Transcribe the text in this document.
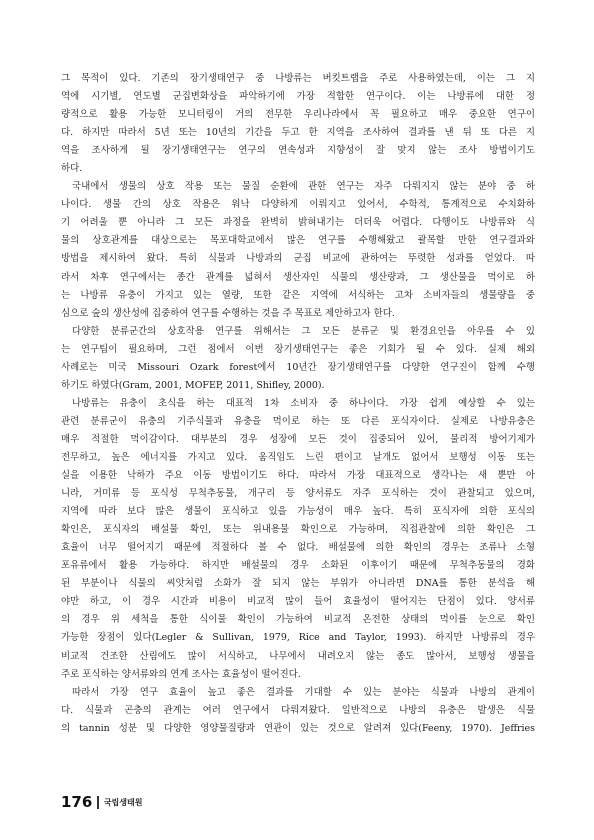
그 목적이 있다. 기존의 장기생태연구 중 나방류는 버킷트랩을 주로 사용하였는데, 이는 그 지

역에 시기별, 연도별 군집변화상을 파악하기에 가장 적합한 연구이다. 이는 나방류에 대한 정

량적으로 활용 가능한 모니터링이 거의 전무한 우리나라에서 꼭 필요하고 매우 중요한 연구이

다. 하지만 따라서 5년 또는 10년의 기간을 두고 한 지역을 조사하여 결과를 낸 뒤 또 다른 지

역을 조사하게 될 장기생태연구는 연구의 연속성과 지향성이 잘 맞지 않는 조사 방법이기도

하다.

국내에서 생물의 상호 작용 또는 물질 순환에 관한 연구는 자주 다뤄지지 않는 분야 중 하

나이다. 생물 간의 상호 작용은 워낙 다양하게 이뤄지고 있어서, 수학적, 통계적으로 수치화하

기 어려울 뿐 아니라 그 모든 과정을 완벽히 밝혀내기는 더더욱 어렵다. 다행이도 나방류와 식

물의 상호관계를 대상으로는 목포대학교에서 많은 연구를 수행해왔고 괄목할 만한 연구결과와

방법을 제시하여 왔다. 특히 식물과 나방과의 군집 비교에 관하여는 뚜렷한 성과를 얻었다. 따

라서 차후 연구에서는 종간 관계를 넓혀서 생산자인 식물의 생산량과, 그 생산물을 먹이로 하

는 나방류 유충이 가지고 있는 열량, 또한 같은 지역에 서식하는 고차 소비자들의 생물량을 중

심으로 숲의 생산성에 집중하여 연구를 수행하는 것을 주 목표로 제안하고자 한다.

다양한 분류군간의 상호작용 연구를 위해서는 그 모든 분류군 및 환경요인을 아우를 수 있

는 연구팀이 필요하며, 그런 점에서 이번 장기생태연구는 좋은 기회가 될 수 있다. 실제 해외

사례로는 미국 Missouri Ozark forest에서 10년간 장기생태연구를 다양한 연구진이 함께 수행

하기도 하였다(Gram, 2001, MOFEP, 2011, Shifley, 2000).

나방류는 유충이 초식을 하는 대표적 1차 소비자 중 하나이다. 가장 쉽게 예상할 수 있는

관련 분류군이 유충의 기주식물과 유충을 먹이로 하는 또 다른 포식자이다. 실제로 나방유충은

매우 적절한 먹이감이다. 대부분의 경우 성장에 모든 것이 집중되어 있어, 물리적 방어기제가

전무하고, 높은 에너지를 가지고 있다. 움직임도 느린 편이고 날개도 없어서 보행성 이동 또는

실을 이용한 낙하가 주요 이동 방법이기도 하다. 따라서 가장 대표적으로 생각나는 새 뿐만 아

니라, 거미류 등 포식성 무척추동물, 개구리 등 양서류도 자주 포식하는 것이 관찰되고 있으며,

지역에 따라 보다 많은 생물이 포식하고 있을 가능성이 매우 높다. 특히 포식자에 의한 포식의

확인은, 포식자의 배설물 확인, 또는 위내용물 확인으로 가능하며, 직접관찰에 의한 확인은 그

효율이 너무 떨어지기 때문에 적절하다 볼 수 없다. 배설물에 의한 확인의 경우는 조류나 소형

포유류에서 활용 가능하다. 하지만 배설물의 경우 소화된 이후이기 때문에 무척추동물의 경화

된 부분이나 식물의 씨앗처럼 소화가 잘 되지 않는 부위가 아니라면 DNA를 통한 분석을 해

야만 하고, 이 경우 시간과 비용이 비교적 많이 들어 효율성이 떨어지는 단점이 있다. 양서류

의 경우 위 세척을 통한 식이물 확인이 가능하여 비교적 온전한 상태의 먹이를 눈으로 확인

가능한 장점이 있다(Legler & Sullivan, 1979, Rice and Taylor, 1993). 하지만 나방류의 경우

비교적 건조한 산림에도 많이 서식하고, 나무에서 내려오지 않는 종도 많아서, 보행성 생물을

주로 포식하는 양서류와의 연계 조사는 효율성이 떨어진다.

따라서 가장 연구 효율이 높고 좋은 결과를 기대할 수 있는 분야는 식물과 나방의 관계이

다. 식물과 곤충의 관계는 여러 연구에서 다뤄져왔다. 일반적으로 나방의 유충은 발생은 식물

의 tannin 성분 및 다양한 영양물질량과 연관이 있는 것으로 알려져 있다(Feeny, 1970). Jeffries

176 국립생태원
